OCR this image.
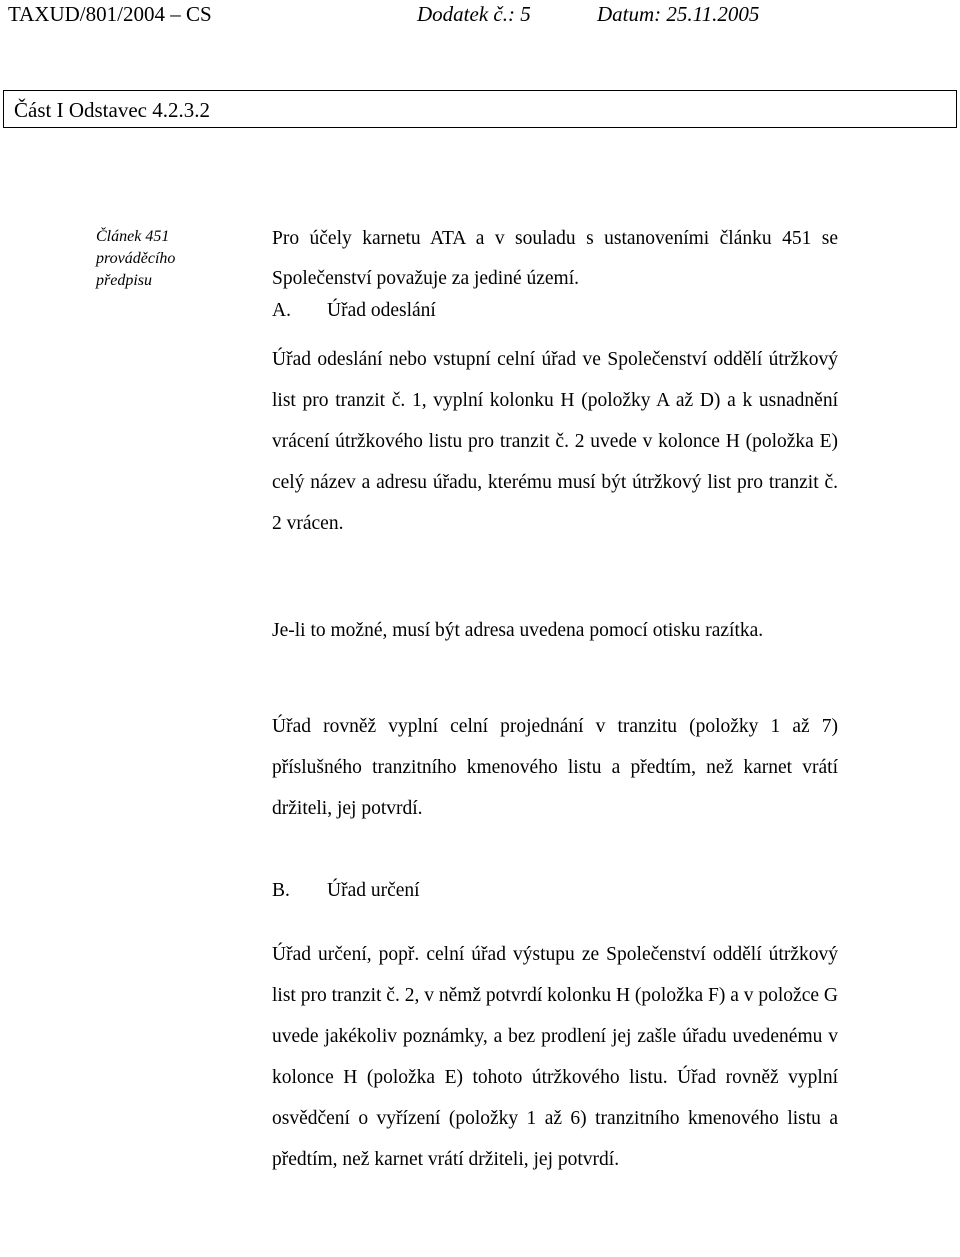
TAXUD/801/2004 – CS	Dodatek č.: 5	Datum: 25.11.2005
Část I Odstavec 4.2.3.2
Článek 451
prováděcího
předpisu
Pro účely karnetu ATA a v souladu s ustanoveními článku 451 se Společenství považuje za jediné území.
A. Úřad odeslání
Úřad odeslání nebo vstupní celní úřad ve Společenství oddělí útržkový list pro tranzit č. 1, vyplní kolonku H (položky A až D) a k usnadnění vrácení útržkového listu pro tranzit č. 2 uvede v kolonce H (položka E) celý název a adresu úřadu, kterému musí být útržkový list pro tranzit č. 2 vrácen.
Je-li to možné, musí být adresa uvedena pomocí otisku razítka.
Úřad rovněž vyplní celní projednání v tranzitu (položky 1 až 7) příslušného tranzitního kmenového listu a předtím, než karnet vrátí držiteli, jej potvrdí.
B. Úřad určení
Úřad určení, popř. celní úřad výstupu ze Společenství oddělí útržkový list pro tranzit č. 2, v němž potvrdí kolonku H (položka F) a v položce G uvede jakékoliv poznámky, a bez prodlení jej zašle úřadu uvedenému v kolonce H (položka E) tohoto útržkového listu. Úřad rovněž vyplní osvědčení o vyřízení (položky 1 až 6) tranzitního kmenového listu a předtím, než karnet vrátí držiteli, jej potvrdí.
